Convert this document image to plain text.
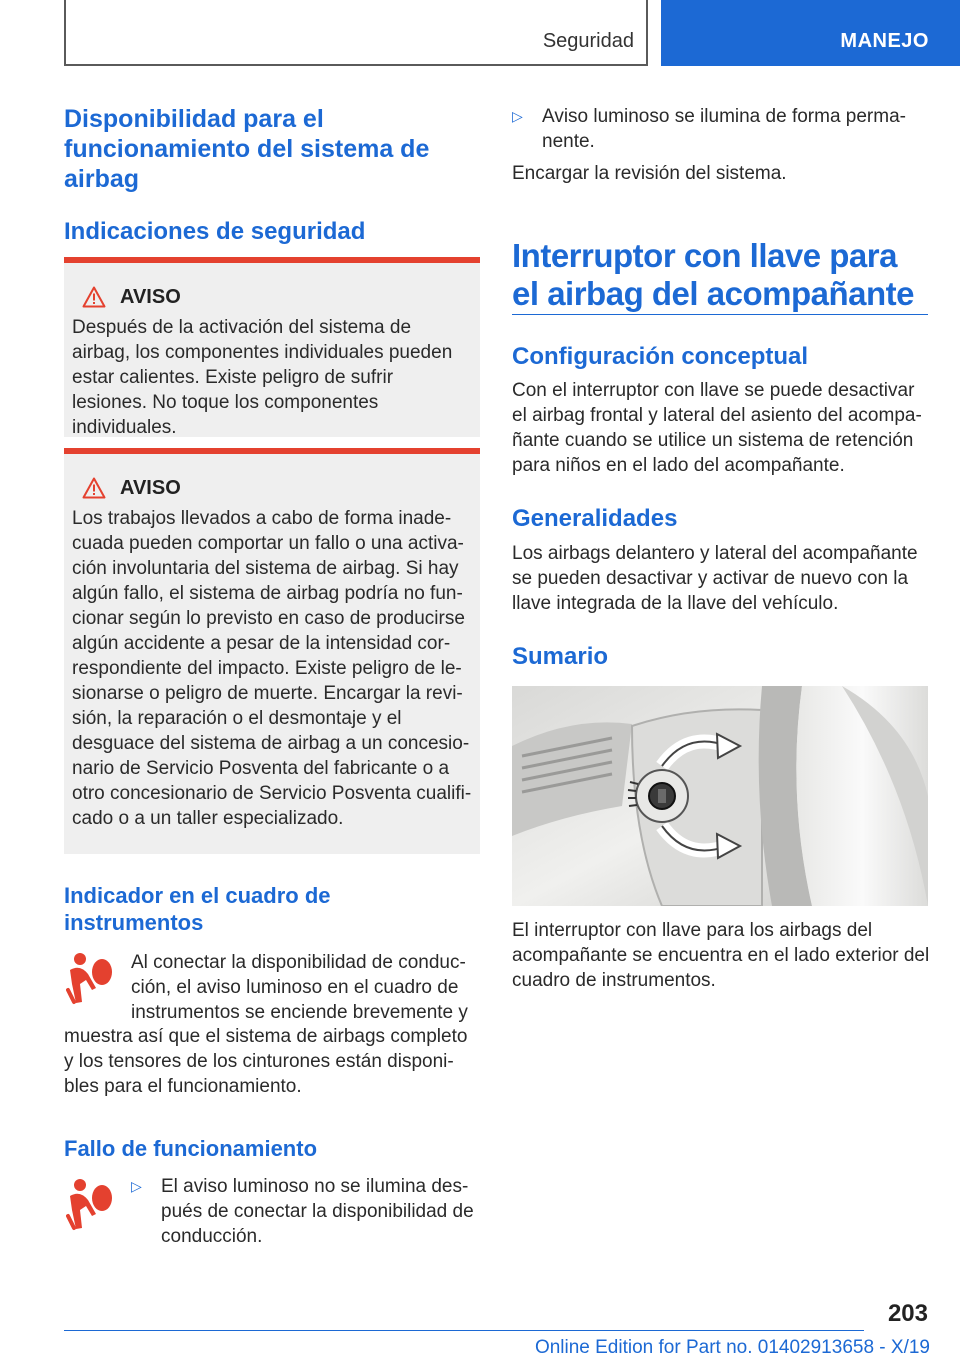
Seguridad	MANEJO
Disponibilidad para el funcionamiento del sistema de airbag
Indicaciones de seguridad
AVISO
Después de la activación del sistema de airbag, los componentes individuales pueden estar calientes. Existe peligro de sufrir lesiones. No toque los componentes individuales.
AVISO
Los trabajos llevados a cabo de forma inadecuada pueden comportar un fallo o una activación involuntaria del sistema de airbag. Si hay algún fallo, el sistema de airbag podría no funcionar según lo previsto en caso de producirse algún accidente a pesar de la intensidad correspondiente del impacto. Existe peligro de lesionarse o peligro de muerte. Encargar la revisión, la reparación o el desmontaje y el desguace del sistema de airbag a un concesionario de Servicio Posventa del fabricante o a otro concesionario de Servicio Posventa cualificado o a un taller especializado.
Indicador en el cuadro de instrumentos
Al conectar la disponibilidad de conducción, el aviso luminoso en el cuadro de instrumentos se enciende brevemente y
muestra así que el sistema de airbags completo y los tensores de los cinturones están disponibles para el funcionamiento.
Fallo de funcionamiento
▷	El aviso luminoso no se ilumina después de conectar la disponibilidad de conducción.
▷	Aviso luminoso se ilumina de forma permanente.
Encargar la revisión del sistema.
Interruptor con llave para el airbag del acompañante
Configuración conceptual
Con el interruptor con llave se puede desactivar el airbag frontal y lateral del asiento del acompañante cuando se utilice un sistema de retención para niños en el lado del acompañante.
Generalidades
Los airbags delantero y lateral del acompañante se pueden desactivar y activar de nuevo con la llave integrada de la llave del vehículo.
Sumario
El interruptor con llave para los airbags del acompañante se encuentra en el lado exterior del cuadro de instrumentos.
203
Online Edition for Part no. 01402913658 - X/19
